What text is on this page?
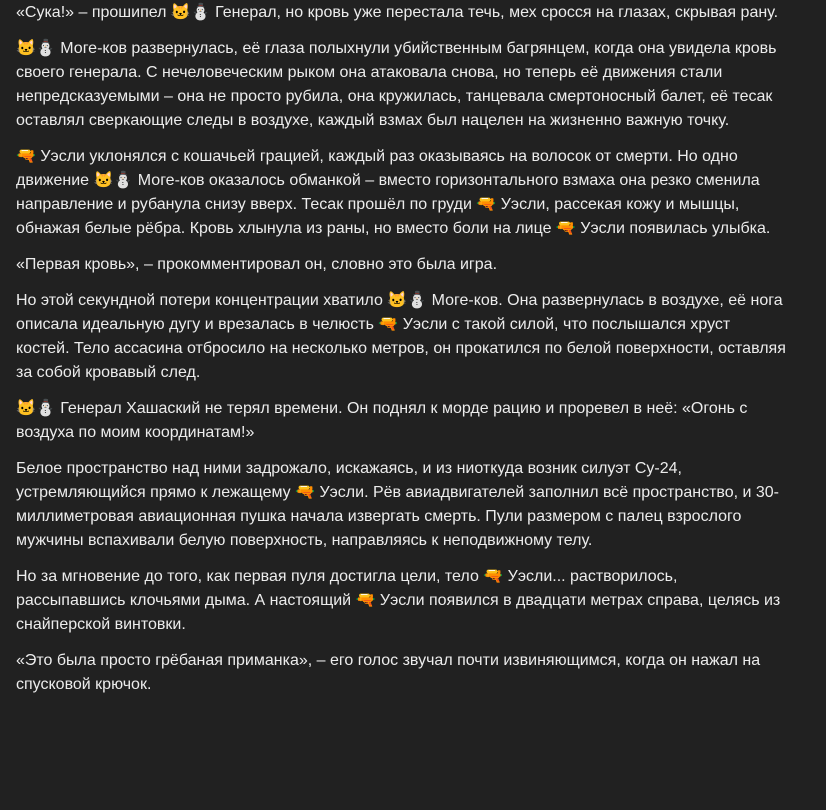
«Сука!» – прошипел 🐱⛄ Генерал, но кровь уже перестала течь, мех сросся на глазах, скрывая рану.

🐱⛄ Моге-ков развернулась, её глаза полыхнули убийственным багрянцем, когда она увидела кровь своего генерала. С нечеловеческим рыком она атаковала снова, но теперь её движения стали непредсказуемыми – она не просто рубила, она кружилась, танцевала смертоносный балет, её тесак оставлял сверкающие следы в воздухе, каждый взмах был нацелен на жизненно важную точку.

🔫 Уэсли уклонялся с кошачьей грацией, каждый раз оказываясь на волосок от смерти. Но одно движение 🐱⛄ Моге-ков оказалось обманкой – вместо горизонтального взмаха она резко сменила направление и рубанула снизу вверх. Тесак прошёл по груди 🔫 Уэсли, рассекая кожу и мышцы, обнажая белые рёбра. Кровь хлынула из раны, но вместо боли на лице 🔫 Уэсли появилась улыбка.

«Первая кровь», – прокомментировал он, словно это была игра.

Но этой секундной потери концентрации хватило 🐱⛄ Моге-ков. Она развернулась в воздухе, её нога описала идеальную дугу и врезалась в челюсть 🔫 Уэсли с такой силой, что послышался хруст костей. Тело ассасина отбросило на несколько метров, он прокатился по белой поверхности, оставляя за собой кровавый след.

🐱⛄ Генерал Хашаский не терял времени. Он поднял к морде рацию и проревел в неё: «Огонь с воздуха по моим координатам!»

Белое пространство над ними задрожало, искажаясь, и из ниоткуда возник силуэт Су-24, устремляющийся прямо к лежащему 🔫 Уэсли. Рёв авиадвигателей заполнил всё пространство, и 30-миллиметровая авиационная пушка начала извергать смерть. Пули размером с палец взрослого мужчины вспахивали белую поверхность, направляясь к неподвижному телу.

Но за мгновение до того, как первая пуля достигла цели, тело 🔫 Уэсли... растворилось, рассыпавшись клочьями дыма. А настоящий 🔫 Уэсли появился в двадцати метрах справа, целясь из снайперской винтовки.

«Это была просто грёбаная приманка», – его голос звучал почти извиняющимся, когда он нажал на спусковой крючок.
